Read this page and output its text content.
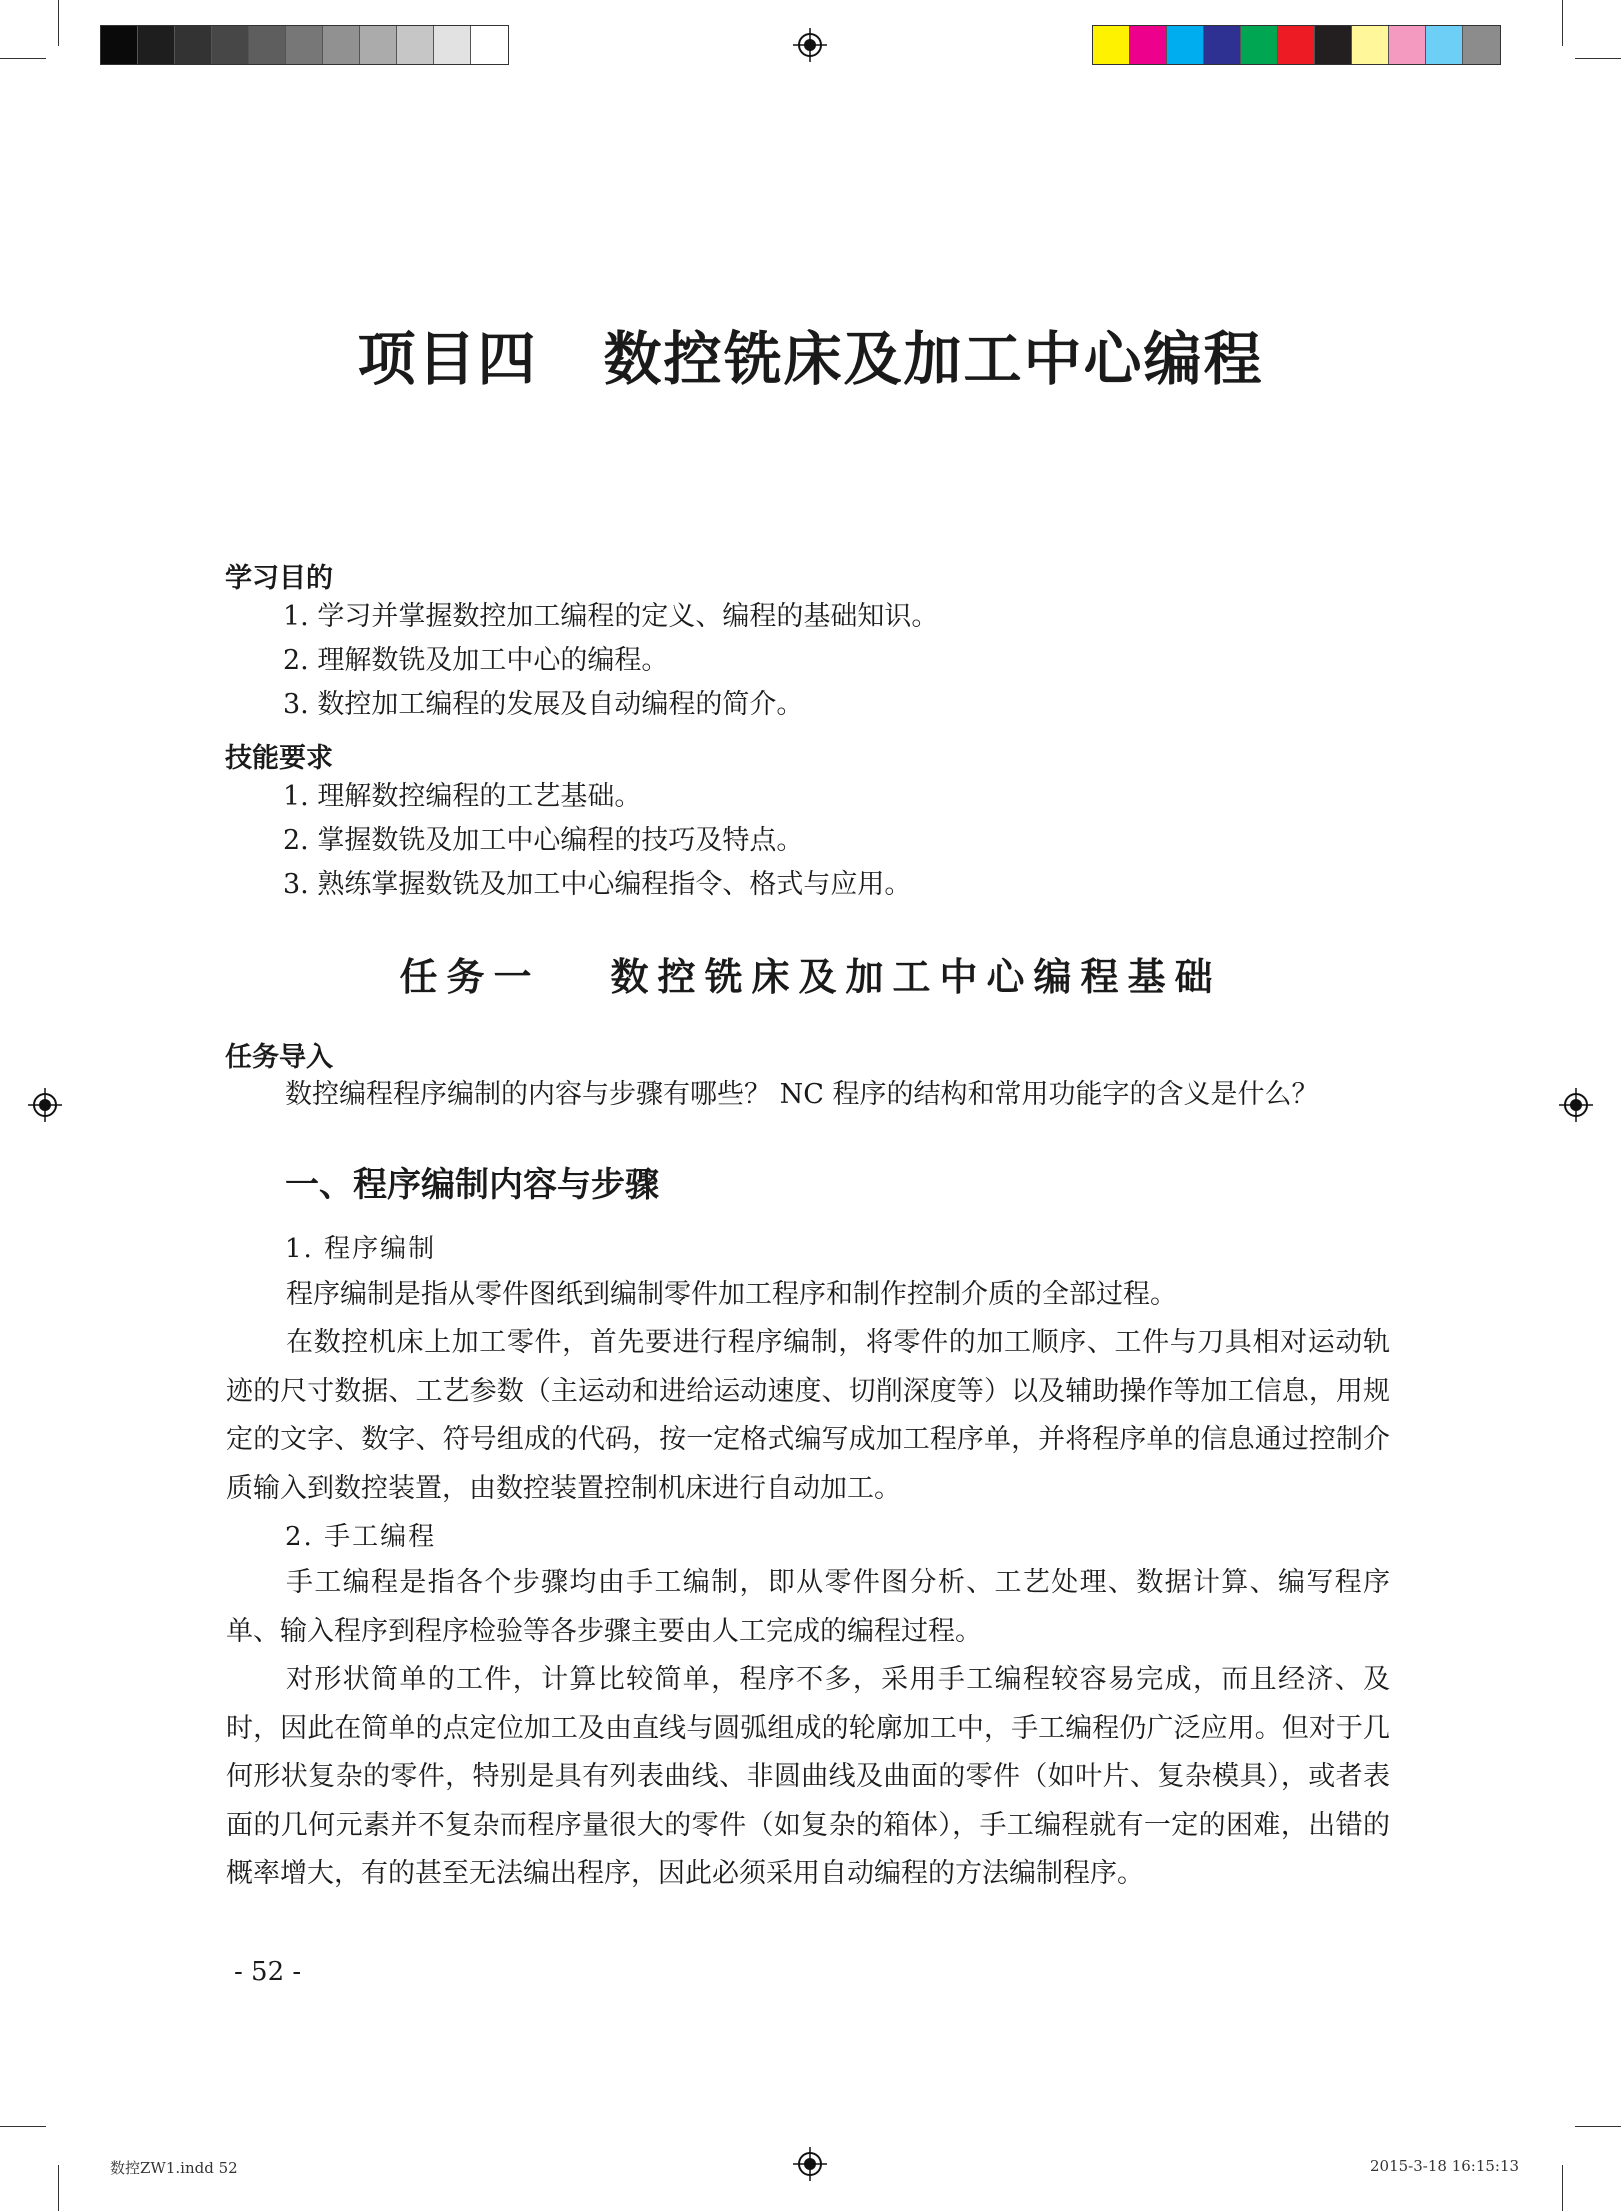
项目四 数控铣床及加工中心编程
学习目的
1. 学习并掌握数控加工编程的定义、编程的基础知识。
2. 理解数铣及加工中心的编程。
3. 数控加工编程的发展及自动编程的简介。
技能要求
1. 理解数控编程的工艺基础。
2. 掌握数铣及加工中心编程的技巧及特点。
3. 熟练掌握数铣及加工中心编程指令、格式与应用。
任务一 数控铣床及加工中心编程基础
任务导入
数控编程程序编制的内容与步骤有哪些？ NC 程序的结构和常用功能字的含义是什么？
一、程序编制内容与步骤
1. 程序编制

程序编制是指从零件图纸到编制零件加工程序和制作控制介质的全部过程。

在数控机床上加工零件，首先要进行程序编制，将零件的加工顺序、工件与刀具相对运动轨迹的尺寸数据、工艺参数（主运动和进给运动速度、切削深度等）以及辅助操作等加工信息，用规定的文字、数字、符号组成的代码，按一定格式编写成加工程序单，并将程序单的信息通过控制介质输入到数控装置，由数控装置控制机床进行自动加工。

2. 手工编程

手工编程是指各个步骤均由手工编制，即从零件图分析、工艺处理、数据计算、编写程序单、输入程序到程序检验等各步骤主要由人工完成的编程过程。

对形状简单的工件，计算比较简单，程序不多，采用手工编程较容易完成，而且经济、及时，因此在简单的点定位加工及由直线与圆弧组成的轮廓加工中，手工编程仍广泛应用。但对于几何形状复杂的零件，特别是具有列表曲线、非圆曲线及曲面的零件（如叶片、复杂模具），或者表面的几何元素并不复杂而程序量很大的零件（如复杂的箱体），手工编程就有一定的困难，出错的概率增大，有的甚至无法编出程序，因此必须采用自动编程的方法编制程序。

- 52 -
数控ZW1.indd 52	2015-3-18 16:15:13
